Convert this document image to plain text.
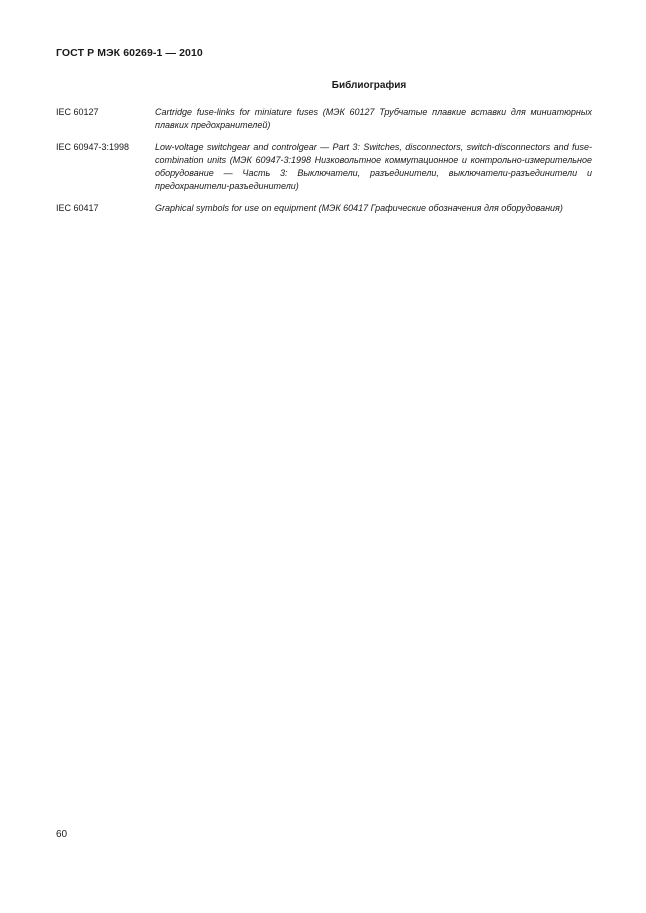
ГОСТ Р МЭК 60269-1 — 2010
Библиография
IEC 60127	Cartridge fuse-links for miniature fuses (МЭК 60127 Трубчатые плавкие вставки для миниатюрных плавких предохранителей)
IEC 60947-3:1998	Low-voltage switchgear and controlgear — Part 3: Switches, disconnectors, switch-disconnectors and fuse-combination units (МЭК 60947-3:1998 Низковольтное коммутационное и контрольно-измерительное оборудование — Часть 3: Выключатели, разъединители, выключатели-разъединители и предохранители-разъединители)
IEC 60417	Graphical symbols for use on equipment (МЭК 60417 Графические обозначения для оборудования)
60
